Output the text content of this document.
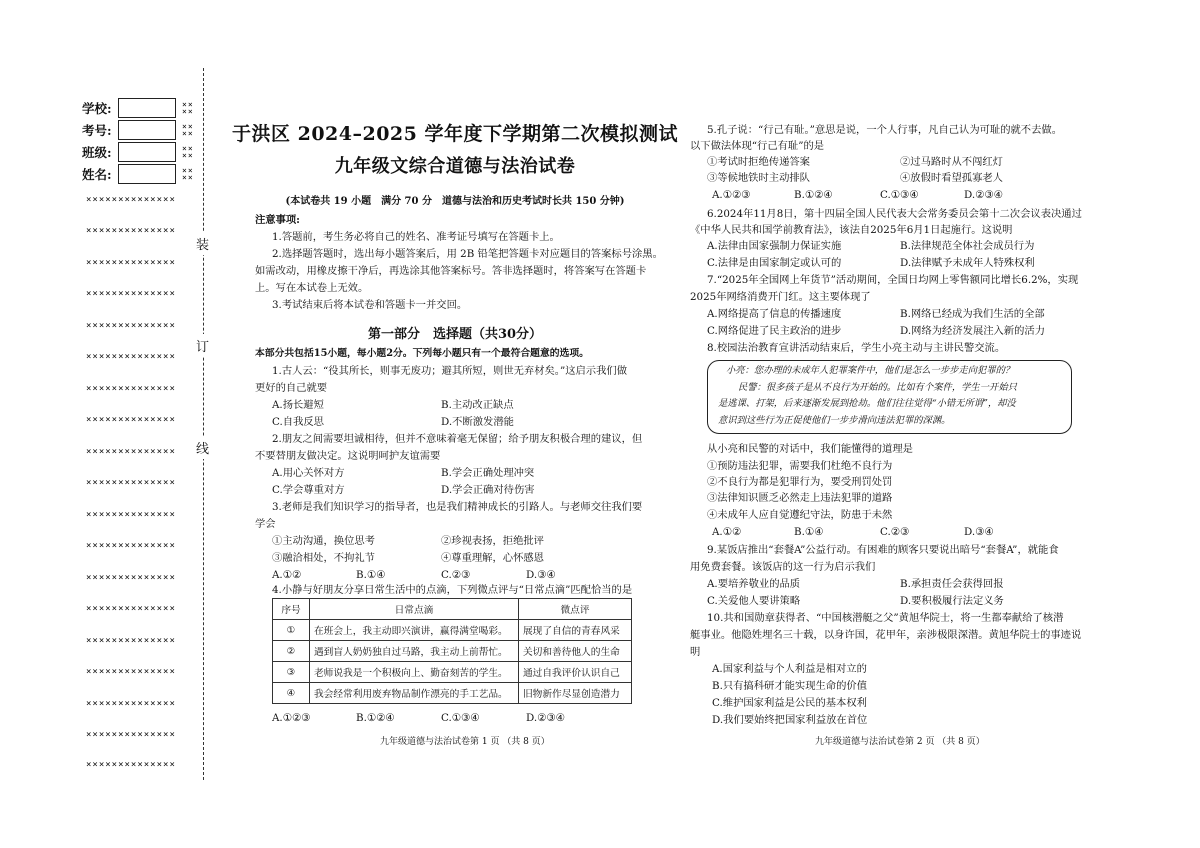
学校:	××
××
考号:	××
××
班级:	××
××
姓名:	××
××
××××××××××××××
××××××××××××××
××××××××××××××
××××××××××××××
××××××××××××××
××××××××××××××
××××××××××××××
××××××××××××××
××××××××××××××
××××××××××××××
××××××××××××××
××××××××××××××
××××××××××××××
××××××××××××××
××××××××××××××
××××××××××××××
××××××××××××××
××××××××××××××
××××××××××××××
装
订
线
于洪区 2024–2025 学年度下学期第二次模拟测试
九年级文综合道德与法治试卷
(本试卷共 19 小题　满分 70 分　道德与法治和历史考试时长共 150 分钟)
注意事项:
1.答题前，考生务必将自己的姓名、准考证号填写在答题卡上。
2.选择题答题时，选出每小题答案后，用 2B 铅笔把答题卡对应题目的答案标号涂黑。
如需改动，用橡皮擦干净后，再选涂其他答案标号。答非选择题时，将答案写在答题卡
上。写在本试卷上无效。
3.考试结束后将本试卷和答题卡一并交回。
第一部分　选择题（共30分）
本部分共包括15小题，每小题2分。下列每小题只有一个最符合题意的选项。
1.古人云：“役其所长，则事无废功；避其所短，则世无弃材矣。”这启示我们做
更好的自己就要
A.扬长避短	B.主动改正缺点
C.自我反思	D.不断激发潜能
2.朋友之间需要坦诚相待，但并不意味着毫无保留；给予朋友积极合理的建议，但
不要替朋友做决定。这说明呵护友谊需要
A.用心关怀对方	B.学会正确处理冲突
C.学会尊重对方	D.学会正确对待伤害
3.老师是我们知识学习的指导者，也是我们精神成长的引路人。与老师交往我们要
学会
①主动沟通，换位思考	②珍视表扬，拒绝批评
③融洽相处，不拘礼节	④尊重理解，心怀感恩
A.①②	B.①④	C.②③	D.③④
4.小静与好朋友分享日常生活中的点滴，下列微点评与“日常点滴”匹配恰当的是
序号	日常点滴	微点评
①	在班会上，我主动即兴演讲，赢得满堂喝彩。	展现了自信的青春风采
②	遇到盲人奶奶独自过马路，我主动上前帮忙。	关切和善待他人的生命
③	老师说我是一个积极向上、勤奋刻苦的学生。	通过自我评价认识自己
④	我会经常利用废弃物品制作漂亮的手工艺品。	旧物新作尽显创造潜力
A.①②③	B.①②④	C.①③④	D.②③④
九年级道德与法治试卷第 1 页 （共 8 页）
5.孔子说：“行己有耻。”意思是说，一个人行事，凡自己认为可耻的就不去做。
以下做法体现“行己有耻”的是
①考试时拒绝传递答案	②过马路时从不闯红灯
③等候地铁时主动排队	④放假时看望孤寡老人
A.①②③	B.①②④	C.①③④	D.②③④
6.2024年11月8日，第十四届全国人民代表大会常务委员会第十二次会议表决通过
《中华人民共和国学前教育法》，该法自2025年6月1日起施行。这说明
A.法律由国家强制力保证实施	B.法律规范全体社会成员行为
C.法律是由国家制定或认可的	D.法律赋予未成年人特殊权利
7.“2025年全国网上年货节”活动期间，全国日均网上零售额同比增长6.2%，实现
2025年网络消费开门红。这主要体现了
A.网络提高了信息的传播速度	B.网络已经成为我们生活的全部
C.网络促进了民主政治的进步	D.网络为经济发展注入新的活力
8.校园法治教育宣讲活动结束后，学生小亮主动与主讲民警交流。
小亮：您办理的未成年人犯罪案件中，他们是怎么一步步走向犯罪的？
民警：很多孩子是从不良行为开始的。比如有个案件，学生一开始只
是逃课、打架，后来逐渐发展到抢劫。他们往往觉得“小错无所谓”，却没
意识到这些行为正促使他们一步步滑向违法犯罪的深渊。
从小亮和民警的对话中，我们能懂得的道理是
①预防违法犯罪，需要我们杜绝不良行为
②不良行为都是犯罪行为，要受刑罚处罚
③法律知识匮乏必然走上违法犯罪的道路
④未成年人应自觉遵纪守法，防患于未然
A.①②	B.①④	C.②③	D.③④
9.某饭店推出“套餐A”公益行动。有困难的顾客只要说出暗号“套餐A”，就能食
用免费套餐。该饭店的这一行为启示我们
A.要培养敬业的品质	B.承担责任会获得回报
C.关爱他人要讲策略	D.要积极履行法定义务
10.共和国勋章获得者、“中国核潜艇之父”黄旭华院士，将一生都奉献给了核潜
艇事业。他隐姓埋名三十载，以身许国，花甲年，亲涉极限深潜。黄旭华院士的事迹说
明
A.国家利益与个人利益是相对立的
B.只有搞科研才能实现生命的价值
C.维护国家利益是公民的基本权利
D.我们要始终把国家利益放在首位
九年级道德与法治试卷第 2 页 （共 8 页）
